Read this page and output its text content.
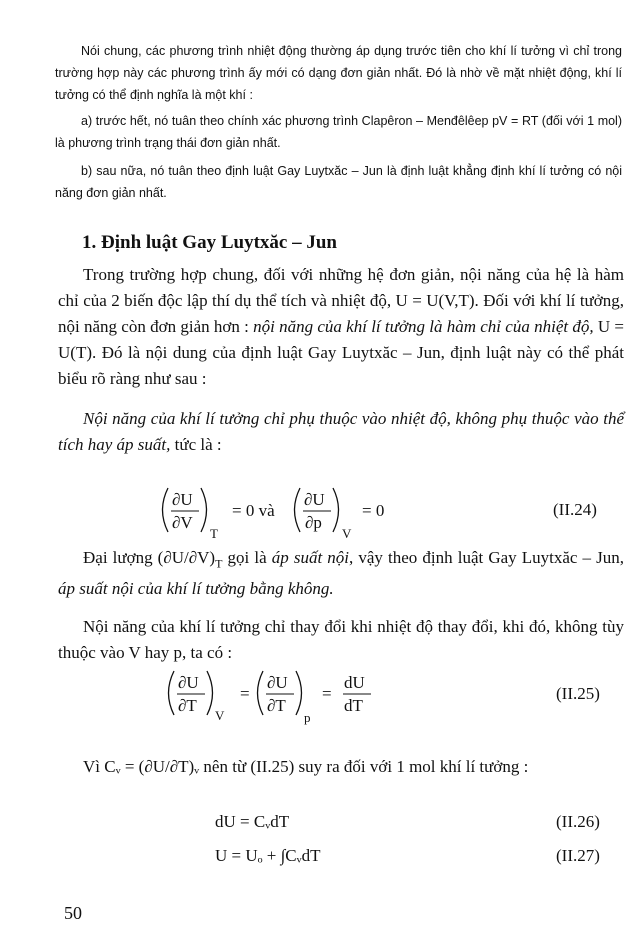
Nói chung, các phương trình nhiệt động thường áp dụng trước tiên cho khí lí tưởng vì chỉ trong trường hợp này các phương trình ấy mới có dạng đơn giản nhất. Đó là nhờ về mặt nhiệt động, khí lí tưởng có thể định nghĩa là một khí :
a) trước hết, nó tuân theo chính xác phương trình Clapêron – Menđêlêep pV = RT (đối với 1 mol) là phương trình trạng thái đơn giản nhất.
b) sau nữa, nó tuân theo định luật Gay Luytxăc – Jun là định luật khẳng định khí lí tưởng có nội năng đơn giản nhất.
1. Định luật Gay Luytxăc – Jun
Trong trường hợp chung, đối với những hệ đơn giản, nội năng của hệ là hàm chỉ của 2 biến độc lập thí dụ thể tích và nhiệt độ, U = U(V,T). Đối với khí lí tưởng, nội năng còn đơn giản hơn : nội năng của khí lí tưởng là hàm chỉ của nhiệt độ, U = U(T). Đó là nội dung của định luật Gay Luytxăc – Jun, định luật này có thể phát biểu rõ ràng như sau :
Nội năng của khí lí tưởng chỉ phụ thuộc vào nhiệt độ, không phụ thuộc vào thể tích hay áp suất, tức là :
∂U
∂V
T
= 0 và
∂U
∂p
V
= 0	(II.24)
Đại lượng $(\partial U/\partial V)_T$ gọi là áp suất nội, vậy theo định luật Gay Luytxăc – Jun, áp suất nội của khí lí tưởng bằng không.
Nội năng của khí lí tưởng chỉ thay đổi khi nhiệt độ thay đổi, khi đó, không tùy thuộc vào V hay p, ta có :
∂U
∂T
V
=
∂U
∂T
p
=
dU
dT
(II.25)
Vì Cᵥ = (∂U/∂T)ᵥ nên từ (II.25) suy ra đối với 1 mol khí lí tưởng :
dU = CᵥdT	(II.26)
U = Uₒ + ∫CᵥdT	(II.27)
50
